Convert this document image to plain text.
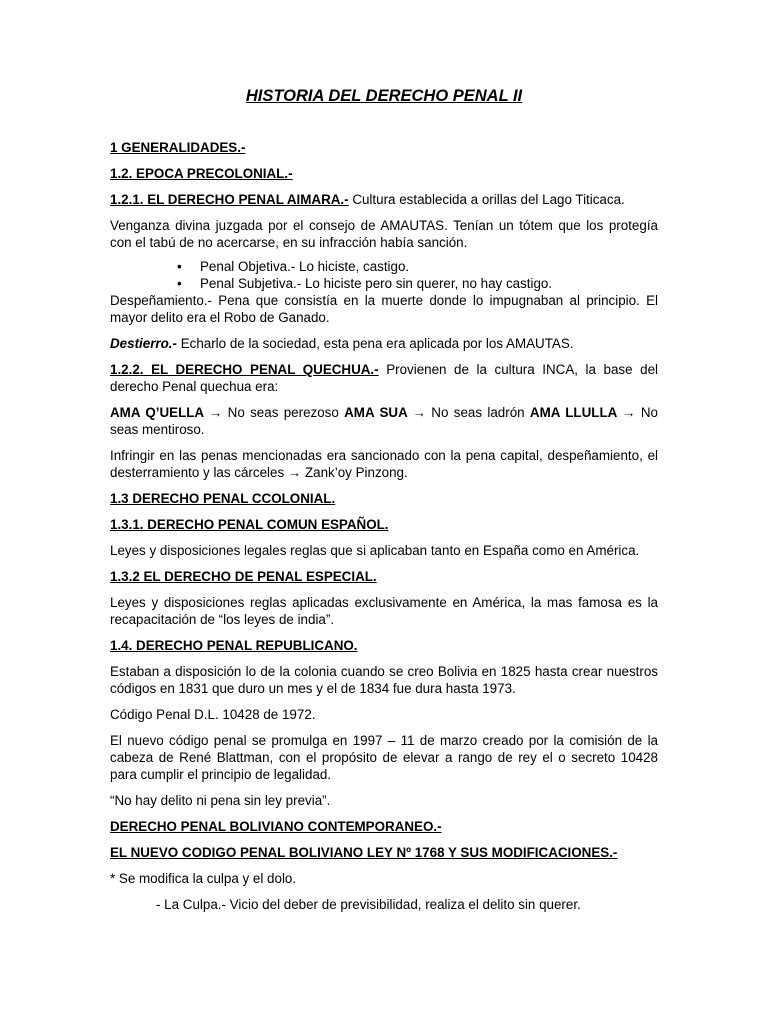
HISTORIA DEL DERECHO PENAL II

1 GENERALIDADES.-

1.2. EPOCA PRECOLONIAL.-

1.2.1. EL DERECHO PENAL AIMARA.- Cultura establecida a orillas del Lago Titicaca.

Venganza divina juzgada por el consejo de AMAUTAS. Tenían un tótem que los protegía con el tabú de no acercarse, en su infracción había sanción.

• Penal Objetiva.- Lo hiciste, castigo.
• Penal Subjetiva.- Lo hiciste pero sin querer, no hay castigo.

Despeñamiento.- Pena que consistía en la muerte donde lo impugnaban al principio. El mayor delito era el Robo de Ganado.

Destierro.- Echarlo de la sociedad, esta pena era aplicada por los AMAUTAS.

1.2.2. EL DERECHO PENAL QUECHUA.- Provienen de la cultura INCA, la base del derecho Penal quechua era:

AMA Q’UELLA → No seas perezoso AMA SUA → No seas ladrón AMA LLULLA → No seas mentiroso.

Infringir en las penas mencionadas era sancionado con la pena capital, despeñamiento, el desterramiento y las cárceles → Zank’oy Pinzong.

1.3 DERECHO PENAL CCOLONIAL.

1.3.1. DERECHO PENAL COMUN ESPAÑOL.

Leyes y disposiciones legales reglas que si aplicaban tanto en España como en América.

1.3.2 EL DERECHO DE PENAL ESPECIAL.

Leyes y disposiciones reglas aplicadas exclusivamente en América, la mas famosa es la recapacitación de “los leyes de india”.

1.4. DERECHO PENAL REPUBLICANO.

Estaban a disposición lo de la colonia cuando se creo Bolivia en 1825 hasta crear nuestros códigos en 1831 que duro un mes y el de 1834 fue dura hasta 1973.

Código Penal D.L. 10428 de 1972.

El nuevo código penal se promulga en 1997 – 11 de marzo creado por la comisión de la cabeza de René Blattman, con el propósito de elevar a rango de rey el o secreto 10428 para cumplir el principio de legalidad.

“No hay delito ni pena sin ley previa”.

DERECHO PENAL BOLIVIANO CONTEMPORANEO.-

EL NUEVO CODIGO PENAL BOLIVIANO LEY Nº 1768 Y SUS MODIFICACIONES.-

* Se modifica la culpa y el dolo.

- La Culpa.- Vicio del deber de previsibilidad, realiza el delito sin querer.
